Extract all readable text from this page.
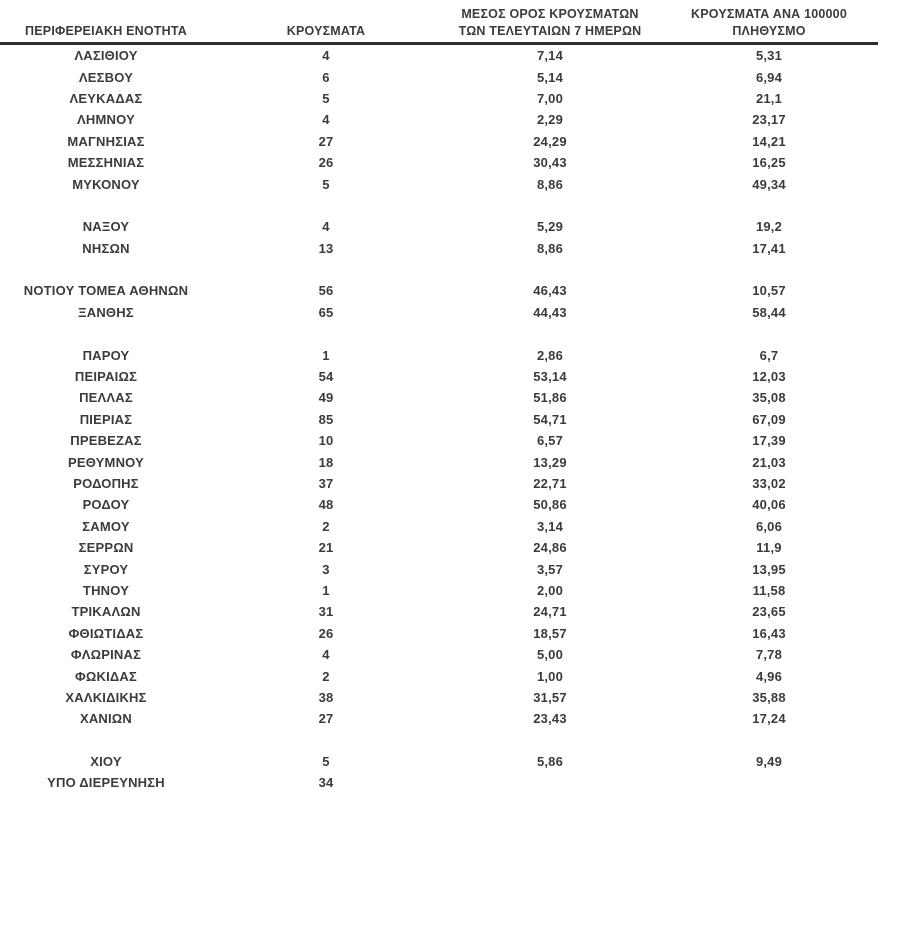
ΠΕΡΙΦΕΡΕΙΑΚΗ ΕΝΟΤΗΤΑ	ΚΡΟΥΣΜΑΤΑ	ΜΕΣΟΣ ΟΡΟΣ ΚΡΟΥΣΜΑΤΩΝ
ΤΩΝ ΤΕΛΕΥΤΑΙΩΝ 7 ΗΜΕΡΩΝ	ΚΡΟΥΣΜΑΤΑ ΑΝΑ 100000
ΠΛΗΘΥΣΜΟ

ΛΑΣΙΘΙΟΥ	4	7,14	5,31
ΛΕΣΒΟΥ	6	5,14	6,94
ΛΕΥΚΑΔΑΣ	5	7,00	21,1
ΛΗΜΝΟΥ	4	2,29	23,17
ΜΑΓΝΗΣΙΑΣ	27	24,29	14,21
ΜΕΣΣΗΝΙΑΣ	26	30,43	16,25
ΜΥΚΟΝΟΥ	5	8,86	49,34

ΝΑΞΟΥ	4	5,29	19,2
ΝΗΣΩΝ	13	8,86	17,41

ΝΟΤΙΟΥ ΤΟΜΕΑ ΑΘΗΝΩΝ	56	46,43	10,57
ΞΑΝΘΗΣ	65	44,43	58,44

ΠΑΡΟΥ	1	2,86	6,7
ΠΕΙΡΑΙΩΣ	54	53,14	12,03
ΠΕΛΛΑΣ	49	51,86	35,08
ΠΙΕΡΙΑΣ	85	54,71	67,09
ΠΡΕΒΕΖΑΣ	10	6,57	17,39
ΡΕΘΥΜΝΟΥ	18	13,29	21,03
ΡΟΔΟΠΗΣ	37	22,71	33,02
ΡΟΔΟΥ	48	50,86	40,06
ΣΑΜΟΥ	2	3,14	6,06
ΣΕΡΡΩΝ	21	24,86	11,9
ΣΥΡΟΥ	3	3,57	13,95
ΤΗΝΟΥ	1	2,00	11,58
ΤΡΙΚΑΛΩΝ	31	24,71	23,65
ΦΘΙΩΤΙΔΑΣ	26	18,57	16,43
ΦΛΩΡΙΝΑΣ	4	5,00	7,78
ΦΩΚΙΔΑΣ	2	1,00	4,96
ΧΑΛΚΙΔΙΚΗΣ	38	31,57	35,88
ΧΑΝΙΩΝ	27	23,43	17,24

ΧΙΟΥ	5	5,86	9,49
ΥΠΟ ΔΙΕΡΕΥΝΗΣΗ	34		
